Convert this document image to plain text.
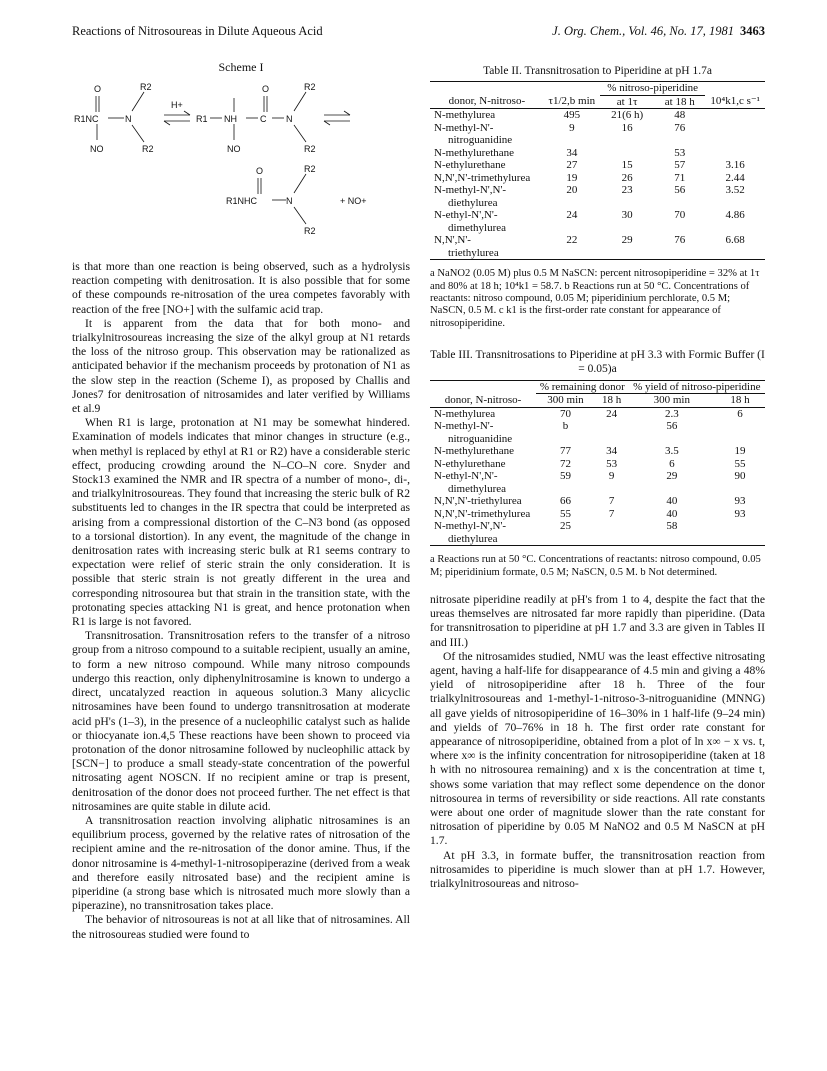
Reactions of Nitrosoureas in Dilute Aqueous Acid	J. Org. Chem., Vol. 46, No. 17, 1981 3463
Scheme I
O	R2
R1NC	N
NO	R2
H+
O	R2
R1 NH	C N
R2
NO
O	R2
R1NHC	N
R2
+ NO+

is that more than one reaction is being observed, such as a hydrolysis reaction competing with denitrosation. It is also possible that for some of these compounds re-nitrosation of the urea competes favorably with reaction of the free [NO+] with the sulfamic acid trap.

It is apparent from the data that for both mono- and trialkylnitrosoureas increasing the size of the alkyl group at N1 retards the loss of the nitroso group. This observation may be rationalized as anticipated behavior if the mechanism proceeds by protonation of N1 as the slow step in the reaction (Scheme I), as proposed by Challis and Jones7 for denitrosation of nitrosamides and later verified by Williams et al.9

When R1 is large, protonation at N1 may be somewhat hindered. Examination of models indicates that minor changes in structure (e.g., when methyl is replaced by ethyl at R1 or R2) have a considerable steric effect, producing crowding around the N–CO–N core. Snyder and Stock13 examined the NMR and IR spectra of a number of mono-, di-, and trialkylnitrosoureas. They found that increasing the steric bulk of R2 substituents led to changes in the IR spectra that could be interpreted as arising from a compressional distortion of the C–N3 bond (as opposed to a torsional distortion). In any event, the magnitude of the change in denitrosation rates with increasing steric bulk at R1 seems contrary to expectation were relief of steric strain the only consideration. It is possible that steric strain is not greatly different in the urea and corresponding nitrosourea but that strain in the transition state, with the protonating species attacking N1 is great, and hence protonation when R1 is large is not favored.

Transnitrosation. Transnitrosation refers to the transfer of a nitroso group from a nitroso compound to a suitable recipient, usually an amine, to form a new nitroso compound. While many nitroso compounds undergo this reaction, only diphenylnitrosamine is known to undergo a direct, uncatalyzed reaction in aqueous solution.3 Many alicyclic nitrosamines have been found to undergo transnitrosation at moderate acid pH's (1–3), in the presence of a nucleophilic catalyst such as halide or thiocyanate ion.4,5 These reactions have been shown to proceed via protonation of the donor nitrosamine followed by nucleophilic attack by [SCN−] to produce a small steady-state concentration of the powerful nitrosating agent NOSCN. If no recipient amine or trap is present, denitrosation of the donor does not proceed further. The net effect is that nitrosamines are quite stable in dilute acid.

A transnitrosation reaction involving aliphatic nitrosamines is an equilibrium process, governed by the relative rates of nitrosation of the recipient amine and the re-nitrosation of the donor amine. Thus, if the donor nitrosamine is 4-methyl-1-nitrosopiperazine (derived from a weak and therefore easily nitrosated base) and the recipient amine is piperidine (a strong base which is nitrosated much more slowly than a piperazine), no transnitrosation takes place.

The behavior of nitrosoureas is not at all like that of nitrosamines. All the nitrosoureas studied were found to

Table II. Transnitrosation to Piperidine at pH 1.7a
		% nitroso-piperidine		
donor, N-nitroso-	τ1/2,b min	at 1τ	at 18 h	10⁴k1,c s⁻¹

N-methylurea	495	21(6 h)	48	

N-methyl-N'-
nitroguanidine	9	16	76	

N-methylurethane	34		53	

N-ethylurethane	27	15	57	3.16

N,N',N'-trimethylurea	19	26	71	2.44

N-methyl-N',N'-
diethylurea	20	23	56	3.52

N-ethyl-N',N'-
dimethylurea	24	30	70	4.86

N,N',N'-
triethylurea	22	29	76	6.68
a NaNO2 (0.05 M) plus 0.5 M NaSCN: percent nitrosopiperidine = 32% at 1τ and 80% at 18 h; 10⁴k1 = 58.7. b Reactions run at 50 °C. Concentrations of reactants: nitroso compound, 0.05 M; piperidinium perchlorate, 0.5 M; NaSCN, 0.5 M. c k1 is the first-order rate constant for appearance of nitrosopiperidine.
Table III. Transnitrosations to Piperidine at pH 3.3 with Formic Buffer (I = 0.05)a
	% remaining donor		% yield of nitroso-piperidine	
donor, N-nitroso-	300 min	18 h	300 min	18 h

N-methylurea	70	24	2.3	6

N-methyl-N'-
nitroguanidine	b		56	

N-methylurethane	77	34	3.5	19

N-ethylurethane	72	53	6	55

N-ethyl-N',N'-
dimethylurea	59	9	29	90

N,N',N'-triethylurea	66	7	40	93

N,N',N'-trimethylurea	55	7	40	93

N-methyl-N',N'-
diethylurea	25		58	
a Reactions run at 50 °C. Concentrations of reactants: nitroso compound, 0.05 M; piperidinium formate, 0.5 M; NaSCN, 0.5 M. b Not determined.

nitrosate piperidine readily at pH's from 1 to 4, despite the fact that the ureas themselves are nitrosated far more rapidly than piperidine. (Data for transnitrosation to piperidine at pH 1.7 and 3.3 are given in Tables II and III.)

Of the nitrosamides studied, NMU was the least effective nitrosating agent, having a half-life for disappearance of 4.5 min and giving a 48% yield of nitrosopiperidine after 18 h. Three of the four trialkylnitrosoureas and 1-methyl-1-nitroso-3-nitroguanidine (MNNG) all gave yields of nitrosopiperidine of 16–30% in 1 half-life (9–24 min) and yields of 70–76% in 18 h. The first order rate constant for appearance of nitrosopiperidine, obtained from a plot of ln x∞ − x vs. t, where x∞ is the infinity concentration for nitrosopiperidine (taken at 18 h with no nitrosourea remaining) and x is the concentration at time t, shows some variation that may reflect some dependence on the donor nitrosourea in terms of reversibility or side reactions. All rate constants were about one order of magnitude slower than the rate constant for nitrosation of piperidine by 0.05 M NaNO2 and 0.5 M NaSCN at pH 1.7.

At pH 3.3, in formate buffer, the transnitrosation reaction from nitrosamides to piperidine is much slower than at pH 1.7. However, trialkylnitrosoureas and nitroso-
